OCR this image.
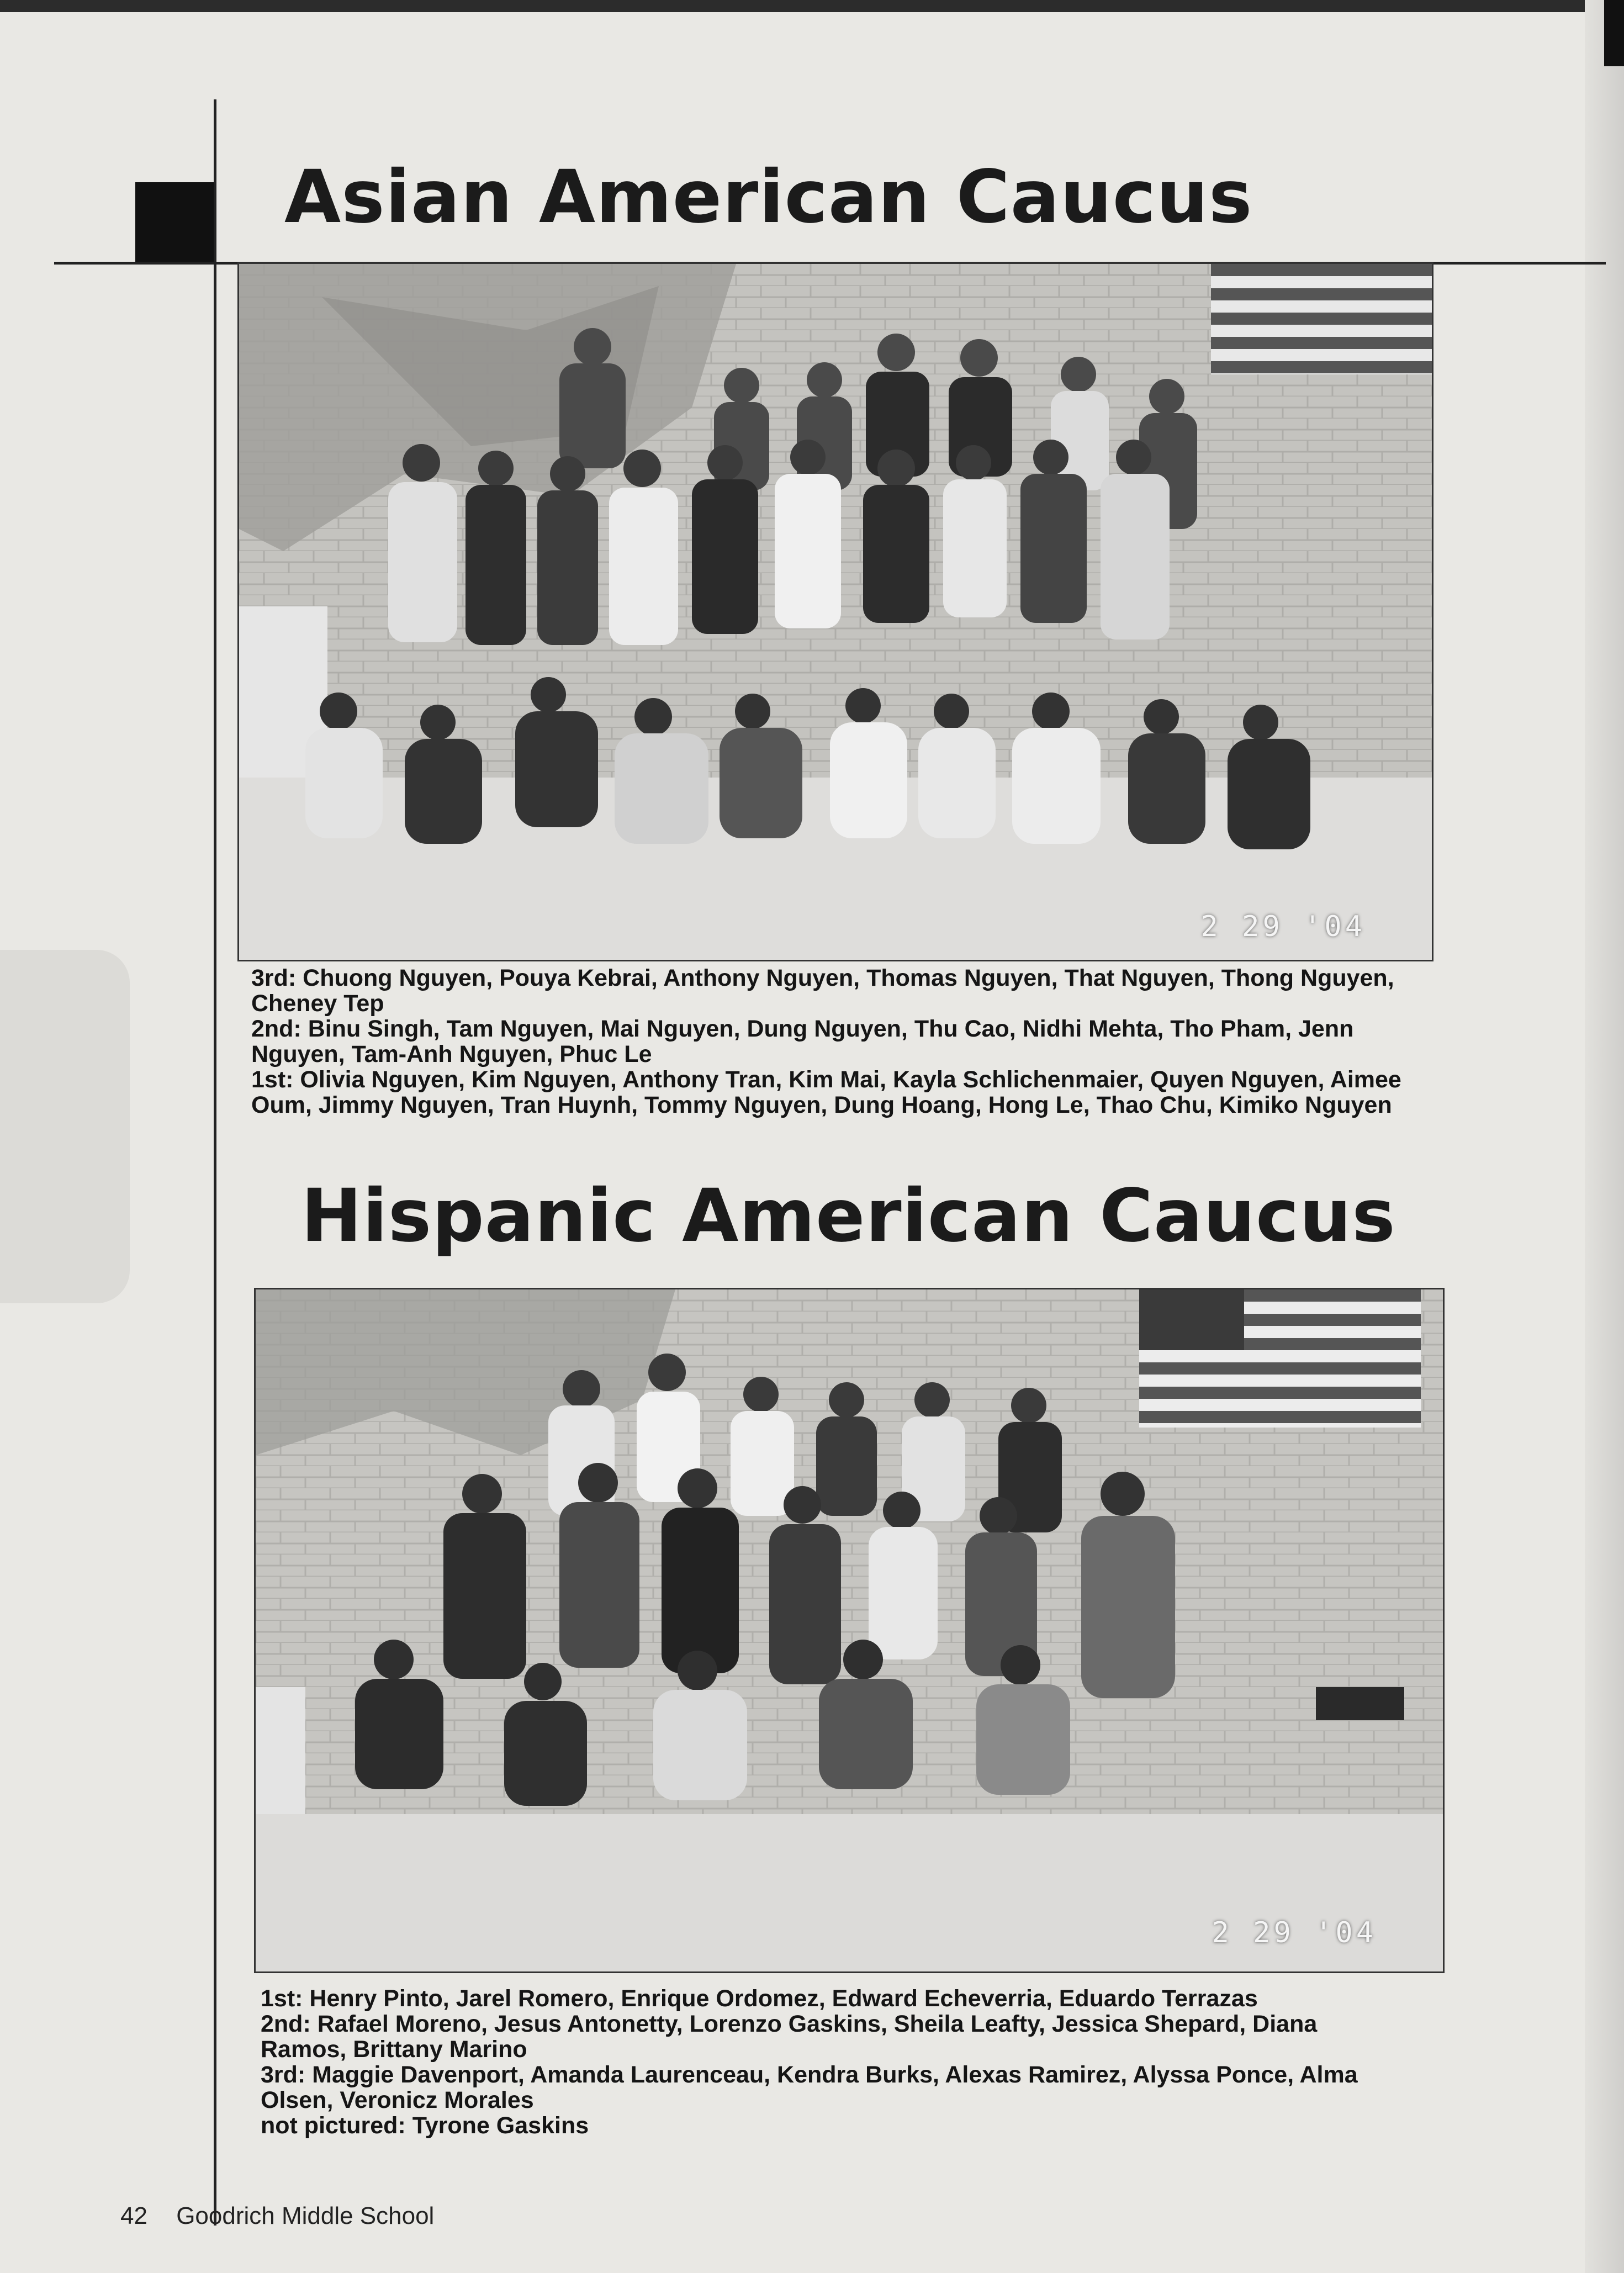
Asian American Caucus
2 29 '04

3rd: Chuong Nguyen, Pouya Kebrai, Anthony Nguyen, Thomas Nguyen, That Nguyen, Thong Nguyen,
Cheney Tep
2nd: Binu Singh, Tam Nguyen, Mai Nguyen, Dung Nguyen, Thu Cao, Nidhi Mehta, Tho Pham, Jenn
Nguyen, Tam-Anh Nguyen, Phuc Le
1st: Olivia Nguyen, Kim Nguyen, Anthony Tran, Kim Mai, Kayla Schlichenmaier, Quyen Nguyen, Aimee
Oum, Jimmy Nguyen, Tran Huynh, Tommy Nguyen, Dung Hoang, Hong Le, Thao Chu, Kimiko Nguyen

Hispanic American Caucus
2 29 '04

1st: Henry Pinto, Jarel Romero, Enrique Ordomez, Edward Echeverria, Eduardo Terrazas
2nd: Rafael Moreno, Jesus Antonetty, Lorenzo Gaskins, Sheila Leafty, Jessica Shepard, Diana
Ramos, Brittany Marino
3rd: Maggie Davenport, Amanda Laurenceau, Kendra Burks, Alexas Ramirez, Alyssa Ponce, Alma
Olsen, Veronicz Morales
not pictured: Tyrone Gaskins

42 Goodrich Middle School
